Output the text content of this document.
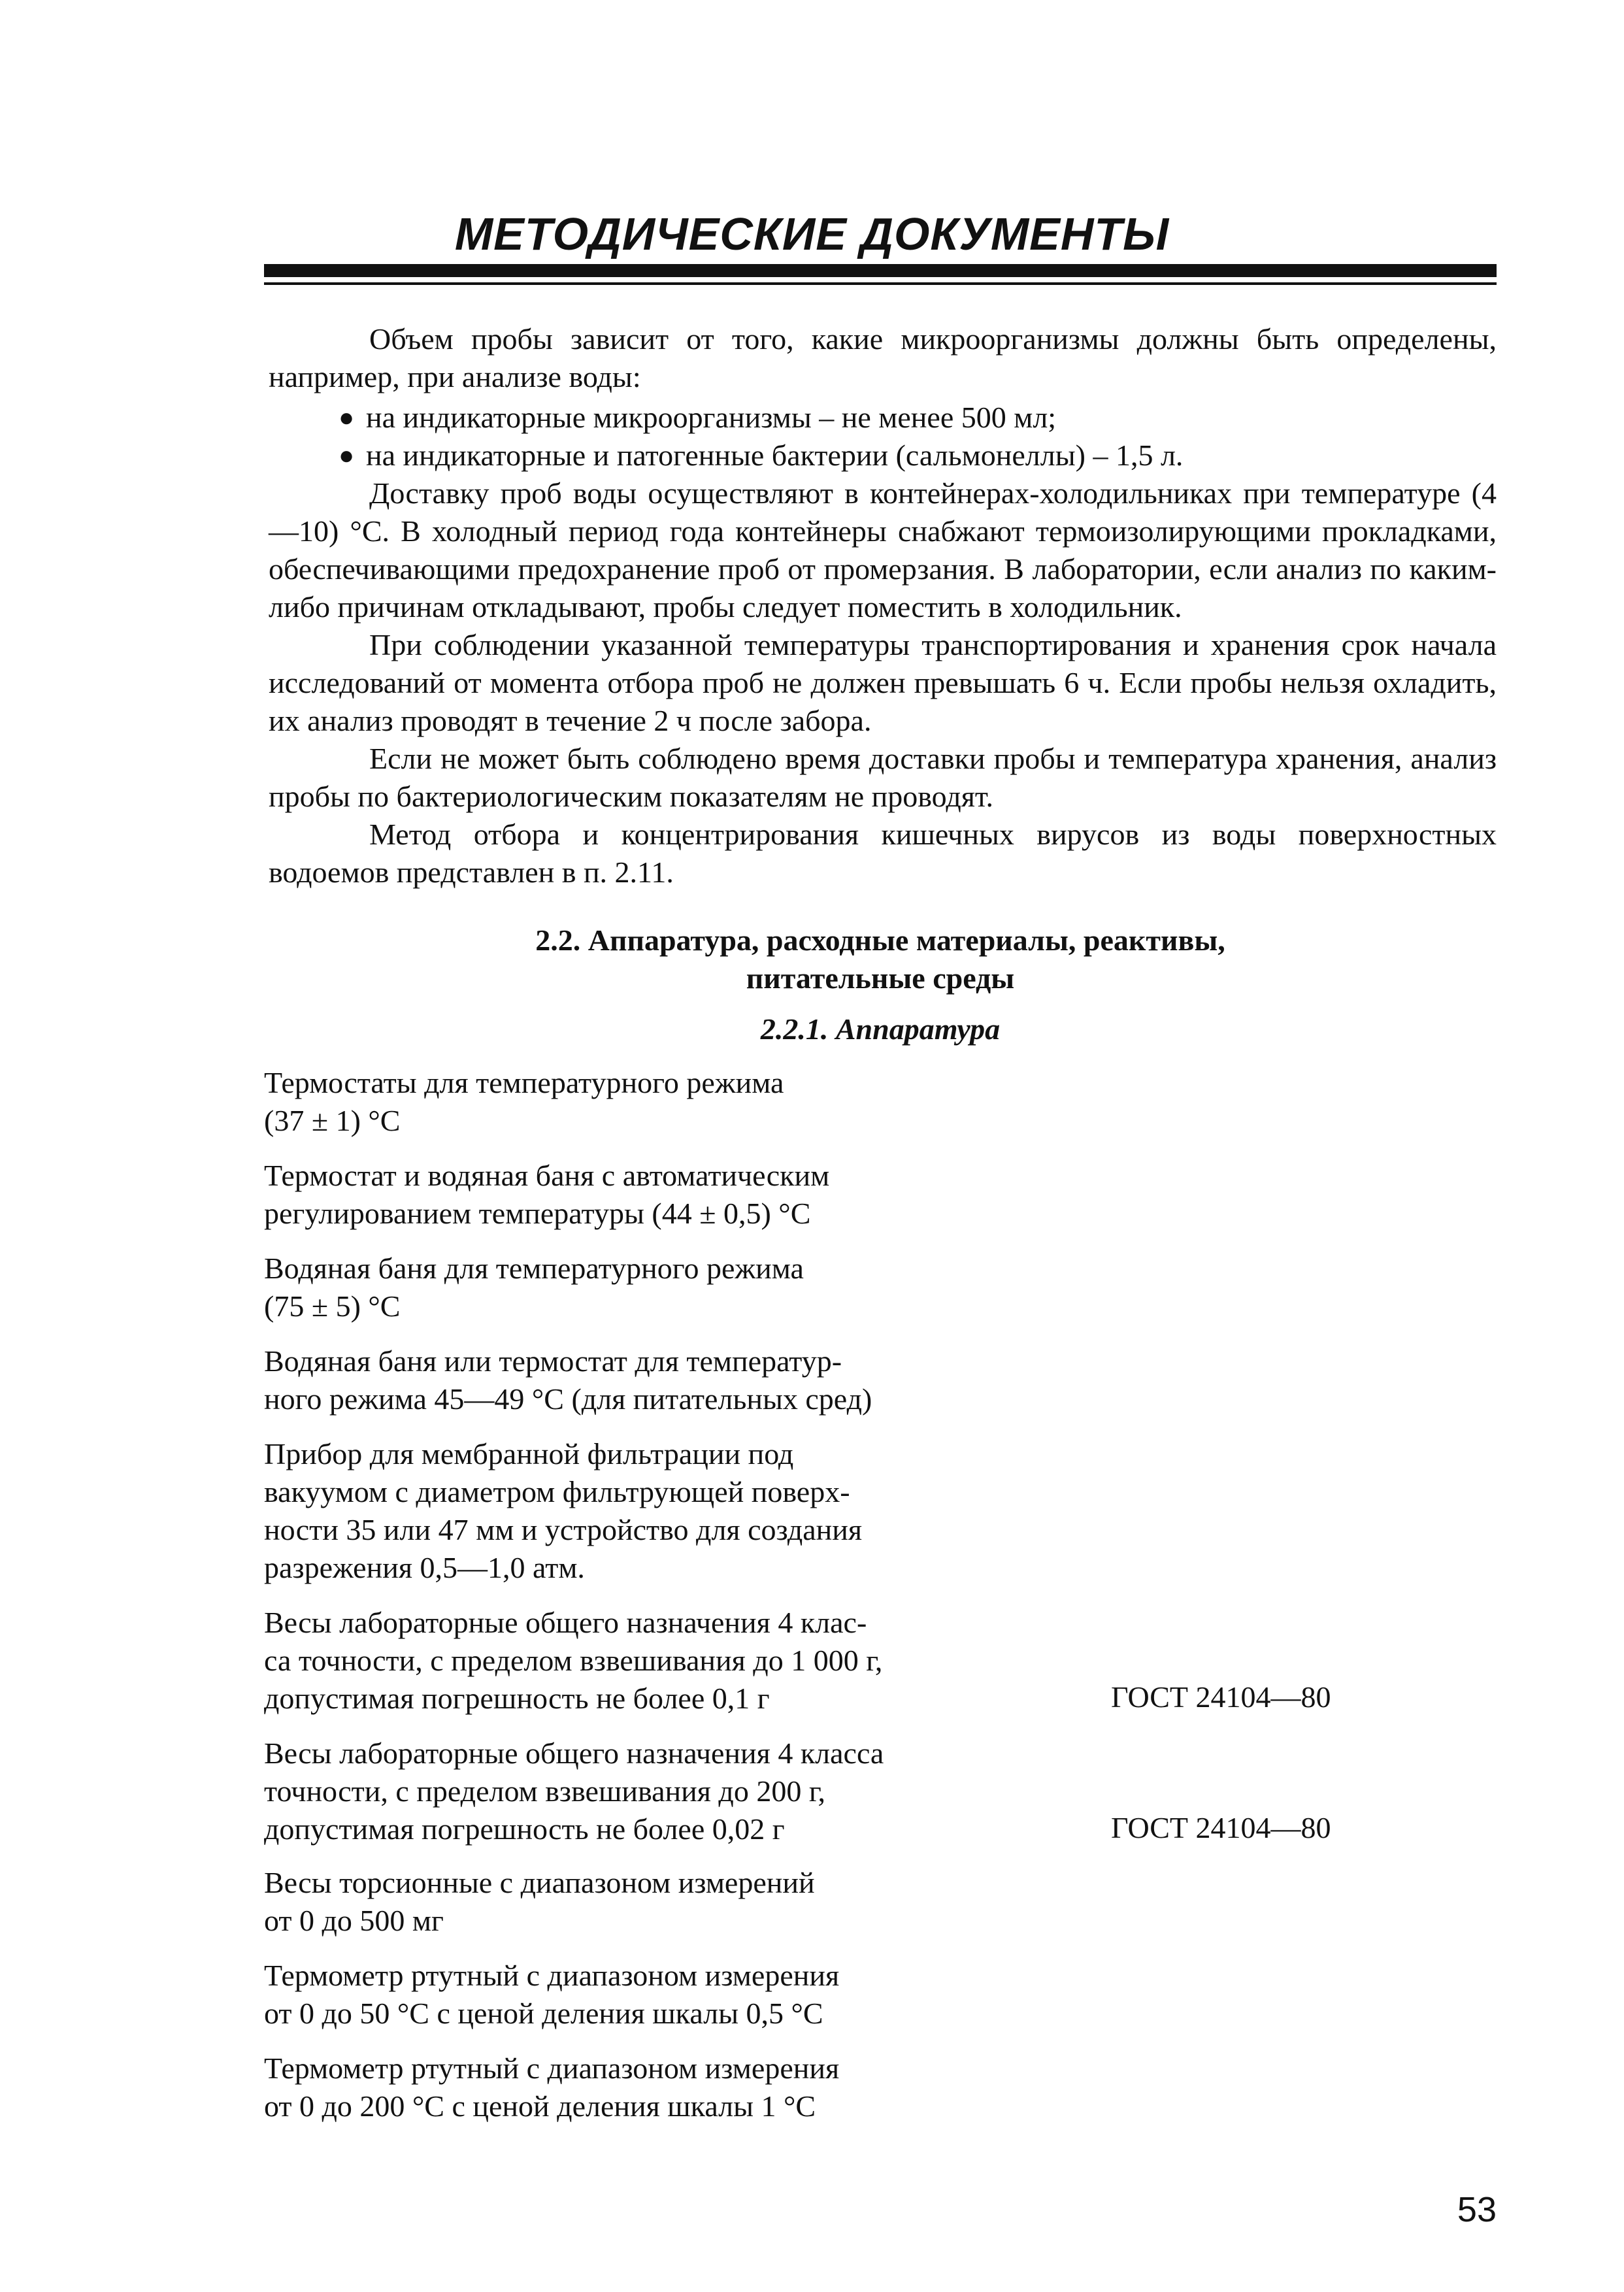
МЕТОДИЧЕСКИЕ ДОКУМЕНТЫ
Объем пробы зависит от того, какие микроорганизмы должны быть определены, например, при анализе воды:
● на индикаторные микроорганизмы – не менее 500 мл;
● на индикаторные и патогенные бактерии (сальмонеллы) – 1,5 л.
Доставку проб воды осуществляют в контейнерах-холодильниках при температуре (4—10) °С. В холодный период года контейнеры снабжают термоизолирующими прокладками, обеспечивающими предохранение проб от промерзания. В лаборатории, если анализ по каким-либо причинам откладывают, пробы следует поместить в холодильник.
При соблюдении указанной температуры транспортирования и хранения срок начала исследований от момента отбора проб не должен превышать 6 ч. Если пробы нельзя охладить, их анализ проводят в течение 2 ч после забора.
Если не может быть соблюдено время доставки пробы и температура хранения, анализ пробы по бактериологическим показателям не проводят.
Метод отбора и концентрирования кишечных вирусов из воды поверхностных водоемов представлен в п. 2.11.
2.2. Аппаратура, расходные материалы, реактивы,
питательные среды
2.2.1. Аппаратура
Термостаты для температурного режима
(37 ± 1) °С
Термостат и водяная баня с автоматическим
регулированием температуры (44 ± 0,5) °С
Водяная баня для температурного режима
(75 ± 5) °С
Водяная баня или термостат для температур-
ного режима 45—49 °С (для питательных сред)
Прибор для мембранной фильтрации под
вакуумом с диаметром фильтрующей поверх-
ности 35 или 47 мм и устройство для создания
разрежения 0,5—1,0 атм.
Весы лабораторные общего назначения 4 клас-
са точности, с пределом взвешивания до 1 000 г,
допустимая погрешность не более 0,1 г	ГОСТ 24104—80
Весы лабораторные общего назначения 4 класса
точности, с пределом взвешивания до 200 г,
допустимая погрешность не более 0,02 г	ГОСТ 24104—80
Весы торсионные с диапазоном измерений
от 0 до 500 мг
Термометр ртутный с диапазоном измерения
от 0 до 50 °С с ценой деления шкалы 0,5 °С
Термометр ртутный с диапазоном измерения
от 0 до 200 °С с ценой деления шкалы 1 °С
53
